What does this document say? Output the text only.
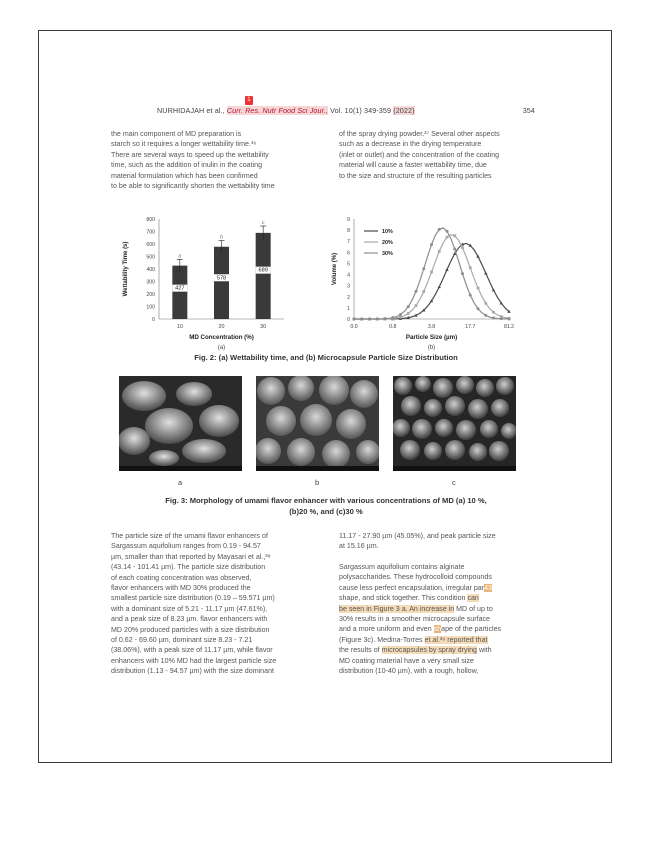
1
NURHIDAJAH et al., Curr. Res. Nutr Food Sci Jour., Vol. 10(1) 349-359 (2022)	354
the main component of MD preparation is
starch so it requires a longer wettability time.³⁶
There are several ways to speed up the wettability
time, such as the addition of inulin in the coating
material formulation which has been confirmed
to be able to significantly shorten the wettability time
of the spray drying powder.³⁷ Several other aspects
such as a decrease in the drying temperature
(inlet or outlet) and the concentration of the coating
material will cause a faster wettability time, due
to the size and structure of the resulting particles
0
100
200
300
400
500
600
700
800
427
a
10
578
b
20
689
c
30
MD Concentration (%)
Wettability Time (s)
(a)
0
1
2
3
4
5
6
7
8
9
0.0	0.8	3.8	17.7	81.2
10%
20%
30%
Particle Size (µm)
Volume (%)
(b)
Fig. 2: (a) Wettability time, and (b) Microcapsule Particle Size Distribution
a	b	c
Fig. 3: Morphology of umami flavor enhancer with various concentrations of MD (a) 10 %,
(b)20 %, and (c)30 %
The particle size of the umami flavor enhancers of
Sargassum aquifolium ranges from 0.19 - 94.57
µm, smaller than that reported by Mayasari et al.,³⁸
(43.14 - 101.41 µm). The particle size distribution
of each coating concentration was observed,
flavor enhancers with MD 30% produced the
smallest particle size distribution (0.19 – 59.571 µm)
with a dominant size of 5.21 - 11.17 µm (47.61%),
and a peak size of 8.23 µm. flavor enhancers with
MD 20% produced particles with a size distribution
of 0.62 - 69.60 µm, dominant size 8.23 - 7.21
(38.06%), with a peak size of 11.17 µm, while flavor
enhancers with 10% MD had the largest particle size
distribution (1.13 - 94.57 µm) with the size dominant
11.17 - 27.90 µm (45.05%), and peak particle size
at 15.16 µm.
Sargassum aquifolium contains alginate
polysaccharides. These hydrocolloid compounds
cause less perfect encapsulation, irregular par43
shape, and stick together. This condition can
be seen in Figure 3 a. An increase in MD of up to
30% results in a smoother microcapsule surface
and a more uniform and even shape of the particles
(Figure 3c). Medina-Torres et al.³⁹ reported that
the results of microcapsules by spray drying with
MD coating material have a very small size
distribution (10-40 µm), with a rough, hollow,
